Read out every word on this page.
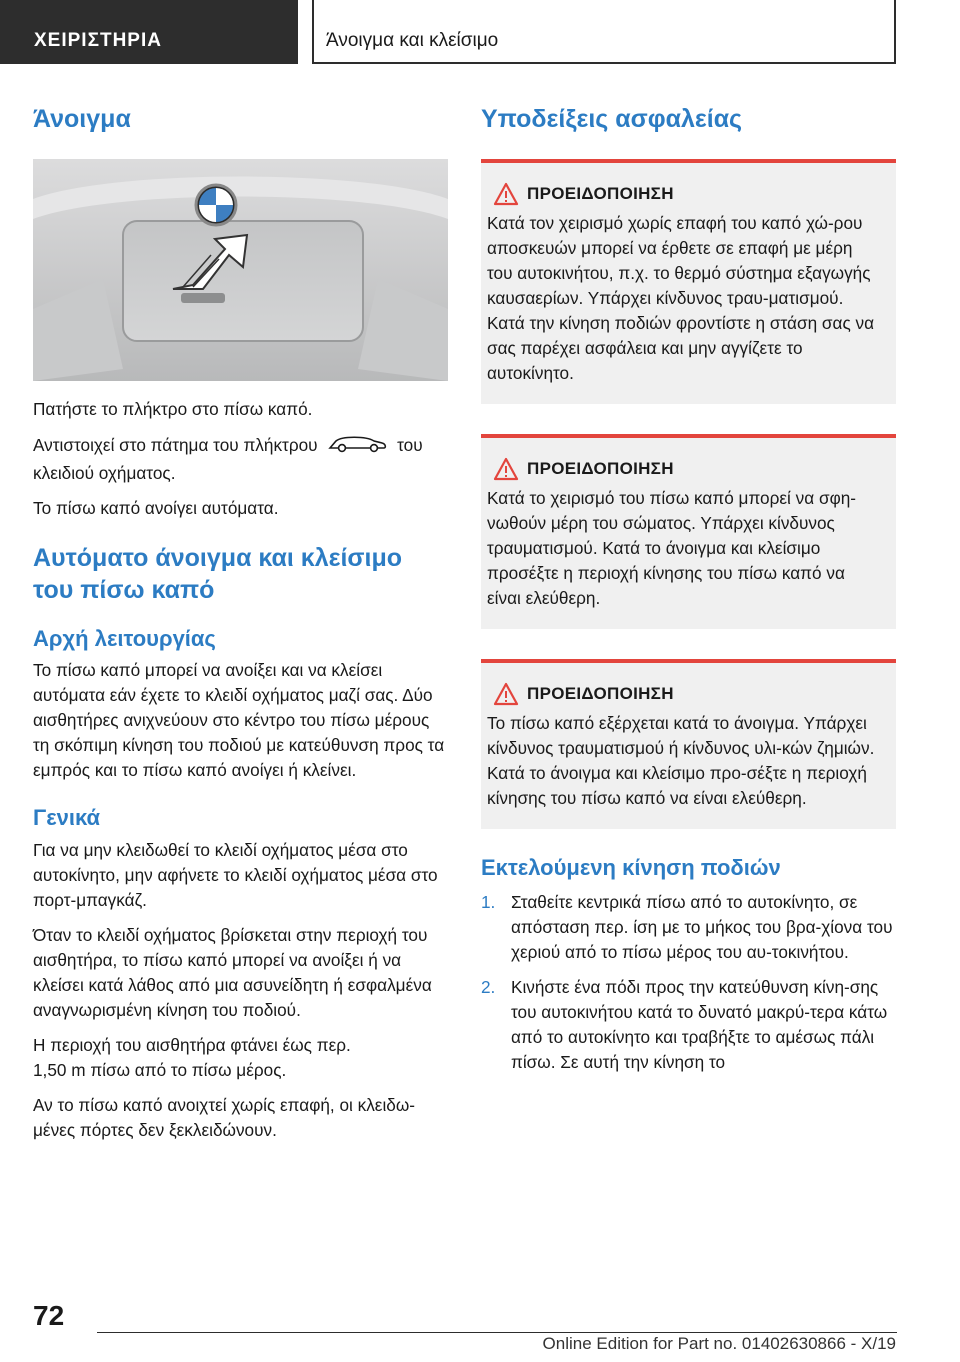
ΧΕΙΡΙΣΤΗΡΙΑ	Άνοιγμα και κλείσιμο
Άνοιγμα

Πατήστε το πλήκτρο στο πίσω καπό.

Αντιστοιχεί στο πάτημα του πλήκτρου	του
κλειδιού οχήματος.

Το πίσω καπό ανοίγει αυτόματα.

Αυτόματο άνοιγμα και κλείσιμο του πίσω καπό
Αρχή λειτουργίας

Το πίσω καπό μπορεί να ανοίξει και να κλείσει αυτόματα εάν έχετε το κλειδί οχήματος μαζί σας. Δύο αισθητήρες ανιχνεύουν στο κέντρο του πίσω μέρους τη σκόπιμη κίνηση του ποδιού με κατεύθυνση προς τα εμπρός και το πίσω καπό ανοίγει ή κλείνει.

Γενικά

Για να μην κλειδωθεί το κλειδί οχήματος μέσα στο αυτοκίνητο, μην αφήνετε το κλειδί οχήματος μέσα στο πορτ-μπαγκάζ.

Όταν το κλειδί οχήματος βρίσκεται στην περιοχή του αισθητήρα, το πίσω καπό μπορεί να ανοίξει ή να κλείσει κατά λάθος από μια ασυνείδητη ή εσφαλμένα αναγνωρισμένη κίνηση του ποδιού.

Η περιοχή του αισθητήρα φτάνει έως περ.
1,50 m πίσω από το πίσω μέρος.

Αν το πίσω καπό ανοιχτεί χωρίς επαφή, οι κλειδω-μένες πόρτες δεν ξεκλειδώνουν.

Υποδείξεις ασφαλείας
ΠΡΟΕΙΔΟΠΟΙΗΣΗ

Κατά τον χειρισμό χωρίς επαφή του καπό χώ-ρου αποσκευών μπορεί να έρθετε σε επαφή με μέρη του αυτοκινήτου, π.χ. το θερμό σύστημα εξαγωγής καυσαερίων. Υπάρχει κίνδυνος τραυ-ματισμού. Κατά την κίνηση ποδιών φροντίστε η στάση σας να σας παρέχει ασφάλεια και μην αγγίζετε το αυτοκίνητο.

ΠΡΟΕΙΔΟΠΟΙΗΣΗ

Κατά το χειρισμό του πίσω καπό μπορεί να σφη-νωθούν μέρη του σώματος. Υπάρχει κίνδυνος τραυματισμού. Κατά το άνοιγμα και κλείσιμο προσέξτε η περιοχή κίνησης του πίσω καπό να είναι ελεύθερη.

ΠΡΟΕΙΔΟΠΟΙΗΣΗ

Το πίσω καπό εξέρχεται κατά το άνοιγμα. Υπάρχει κίνδυνος τραυματισμού ή κίνδυνος υλι-κών ζημιών. Κατά το άνοιγμα και κλείσιμο προ-σέξτε η περιοχή κίνησης του πίσω καπό να είναι ελεύθερη.

Εκτελούμενη κίνηση ποδιών
1. Σταθείτε κεντρικά πίσω από το αυτοκίνητο, σε απόσταση περ. ίση με το μήκος του βρα-χίονα του χεριού από το πίσω μέρος του αυ-τοκινήτου.
2. Κινήστε ένα πόδι προς την κατεύθυνση κίνη-σης του αυτοκινήτου κατά το δυνατό μακρύ-τερα κάτω από το αυτοκίνητο και τραβήξτε το αμέσως πάλι πίσω. Σε αυτή την κίνηση το
72
Online Edition for Part no. 01402630866 - X/19
